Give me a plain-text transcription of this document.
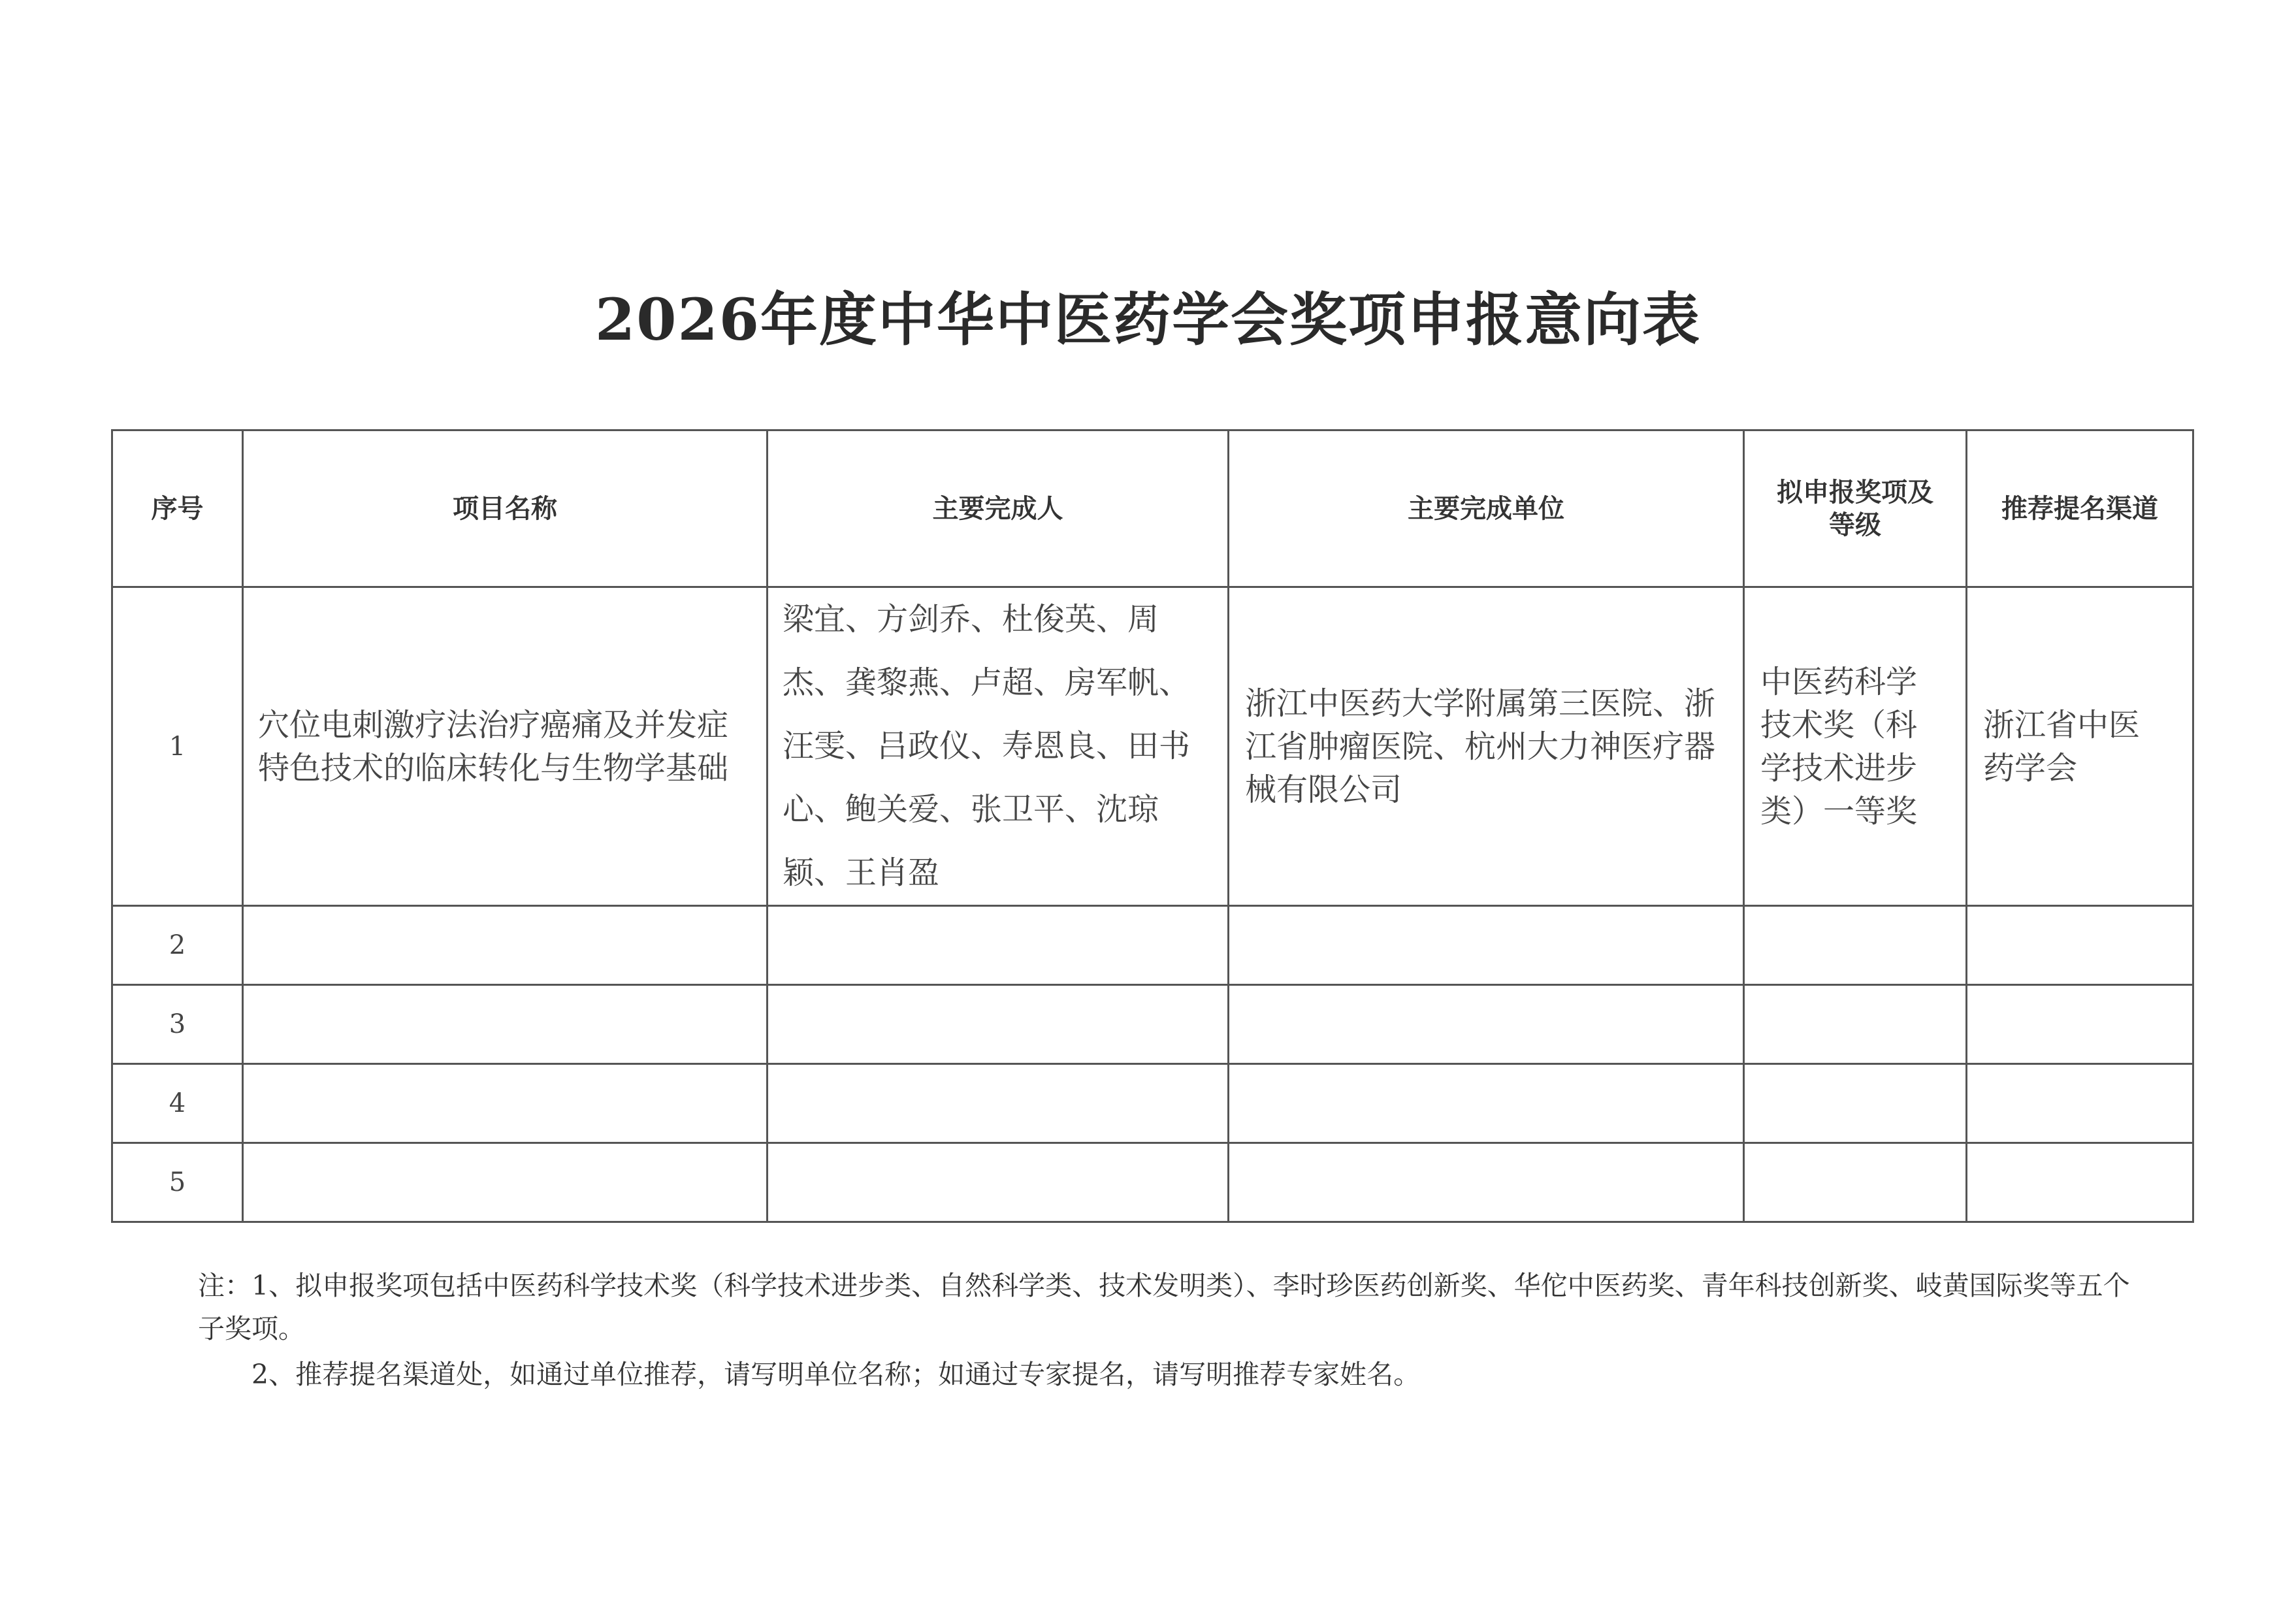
2026年度中华中医药学会奖项申报意向表
序号	项目名称	主要完成人	主要完成单位	拟申报奖项及等级	推荐提名渠道
1	穴位电刺激疗法治疗癌痛及并发症特色技术的临床转化与生物学基础	梁宜、方剑乔、杜俊英、周杰、龚黎燕、卢超、房军帆、汪雯、吕政仪、寿恩良、田书心、鲍关爱、张卫平、沈琼颖、王肖盈	浙江中医药大学附属第三医院、浙江省肿瘤医院、杭州大力神医疗器械有限公司	中医药科学技术奖（科学技术进步类）一等奖	浙江省中医药学会
2					
3					
4					
5					

注：1、拟申报奖项包括中医药科学技术奖（科学技术进步类、自然科学类、技术发明类）、李时珍医药创新奖、华佗中医药奖、青年科技创新奖、岐黄国际奖等五个子奖项。

2、推荐提名渠道处，如通过单位推荐，请写明单位名称；如通过专家提名，请写明推荐专家姓名。
